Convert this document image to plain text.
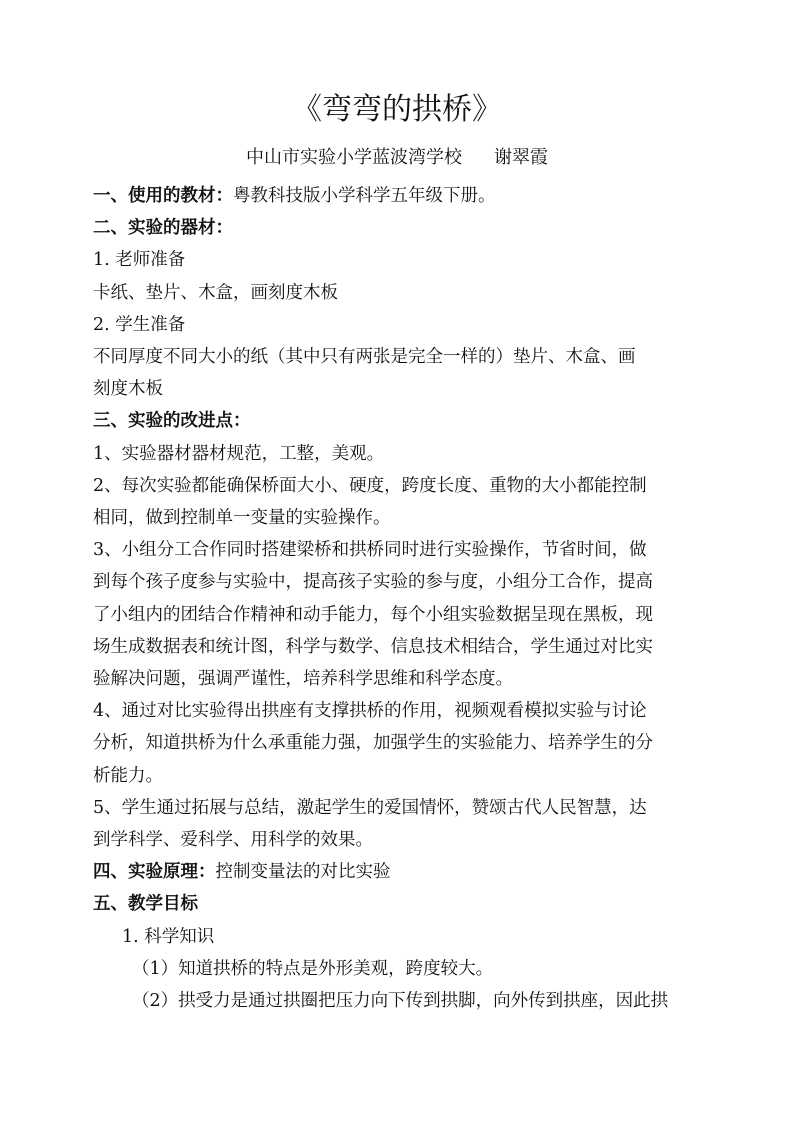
《弯弯的拱桥》
中山市实验小学蓝波湾学校 谢翠霞

一、使用的教材：粤教科技版小学科学五年级下册。

二、实验的器材：

1. 老师准备

卡纸、垫片、木盒，画刻度木板

2. 学生准备

不同厚度不同大小的纸（其中只有两张是完全一样的）垫片、木盒、画

刻度木板

三、实验的改进点：

1、实验器材器材规范，工整，美观。

2、每次实验都能确保桥面大小、硬度，跨度长度、重物的大小都能控制

相同，做到控制单一变量的实验操作。

3、小组分工合作同时搭建梁桥和拱桥同时进行实验操作，节省时间，做

到每个孩子度参与实验中，提高孩子实验的参与度，小组分工合作，提高

了小组内的团结合作精神和动手能力，每个小组实验数据呈现在黑板，现

场生成数据表和统计图，科学与数学、信息技术相结合，学生通过对比实

验解决问题，强调严谨性，培养科学思维和科学态度。

4、通过对比实验得出拱座有支撑拱桥的作用，视频观看模拟实验与讨论

分析，知道拱桥为什么承重能力强，加强学生的实验能力、培养学生的分

析能力。

5、学生通过拓展与总结，激起学生的爱国情怀，赞颂古代人民智慧，达

到学科学、爱科学、用科学的效果。

四、实验原理：控制变量法的对比实验

五、教学目标

1. 科学知识

（1）知道拱桥的特点是外形美观，跨度较大。

（2）拱受力是通过拱圈把压力向下传到拱脚，向外传到拱座，因此拱
